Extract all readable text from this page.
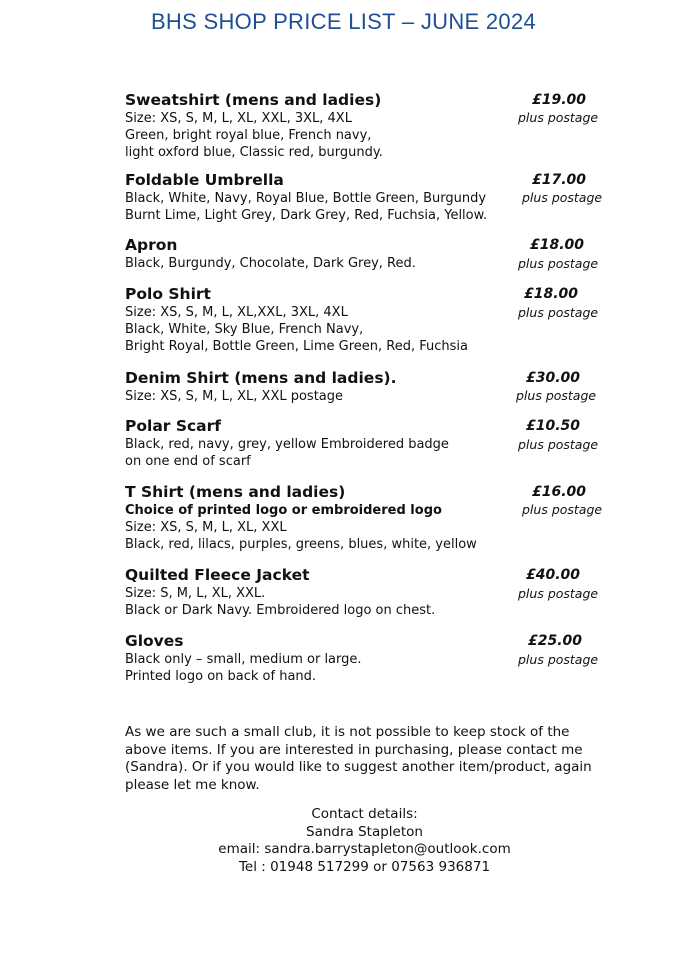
BHS SHOP PRICE LIST – JUNE 2024
Sweatshirt (mens and ladies)
Size: XS, S, M, L, XL, XXL, 3XL, 4XL
Green, bright royal blue, French navy,
light oxford blue, Classic red, burgundy.
£19.00
plus postage
Foldable Umbrella
Black, White, Navy, Royal Blue, Bottle Green, Burgundy
Burnt Lime, Light Grey, Dark Grey, Red, Fuchsia, Yellow.
£17.00
plus postage
Apron
Black, Burgundy, Chocolate, Dark Grey, Red.
£18.00
plus postage
Polo Shirt
Size: XS, S, M, L, XL,XXL, 3XL, 4XL
Black, White, Sky Blue, French Navy,
Bright Royal, Bottle Green, Lime Green, Red, Fuchsia
£18.00
plus postage
Denim Shirt (mens and ladies).
Size: XS, S, M, L, XL, XXL postage
£30.00
plus postage
Polar Scarf
Black, red, navy, grey, yellow Embroidered badge
on one end of scarf
£10.50
plus postage
T Shirt (mens and ladies)
Choice of printed logo or embroidered logo
Size: XS, S, M, L, XL, XXL
Black, red, lilacs, purples, greens, blues, white, yellow
£16.00
plus postage
Quilted Fleece Jacket
Size: S, M, L, XL, XXL.
Black or Dark Navy. Embroidered logo on chest.
£40.00
plus postage
Gloves
Black only – small, medium or large.
Printed logo on back of hand.
£25.00
plus postage
As we are such a small club, it is not possible to keep stock of the above items. If you are interested in purchasing, please contact me (Sandra). Or if you would like to suggest another item/product, again please let me know.
Contact details:
Sandra Stapleton
email: sandra.barrystapleton@outlook.com
Tel : 01948 517299 or 07563 936871
